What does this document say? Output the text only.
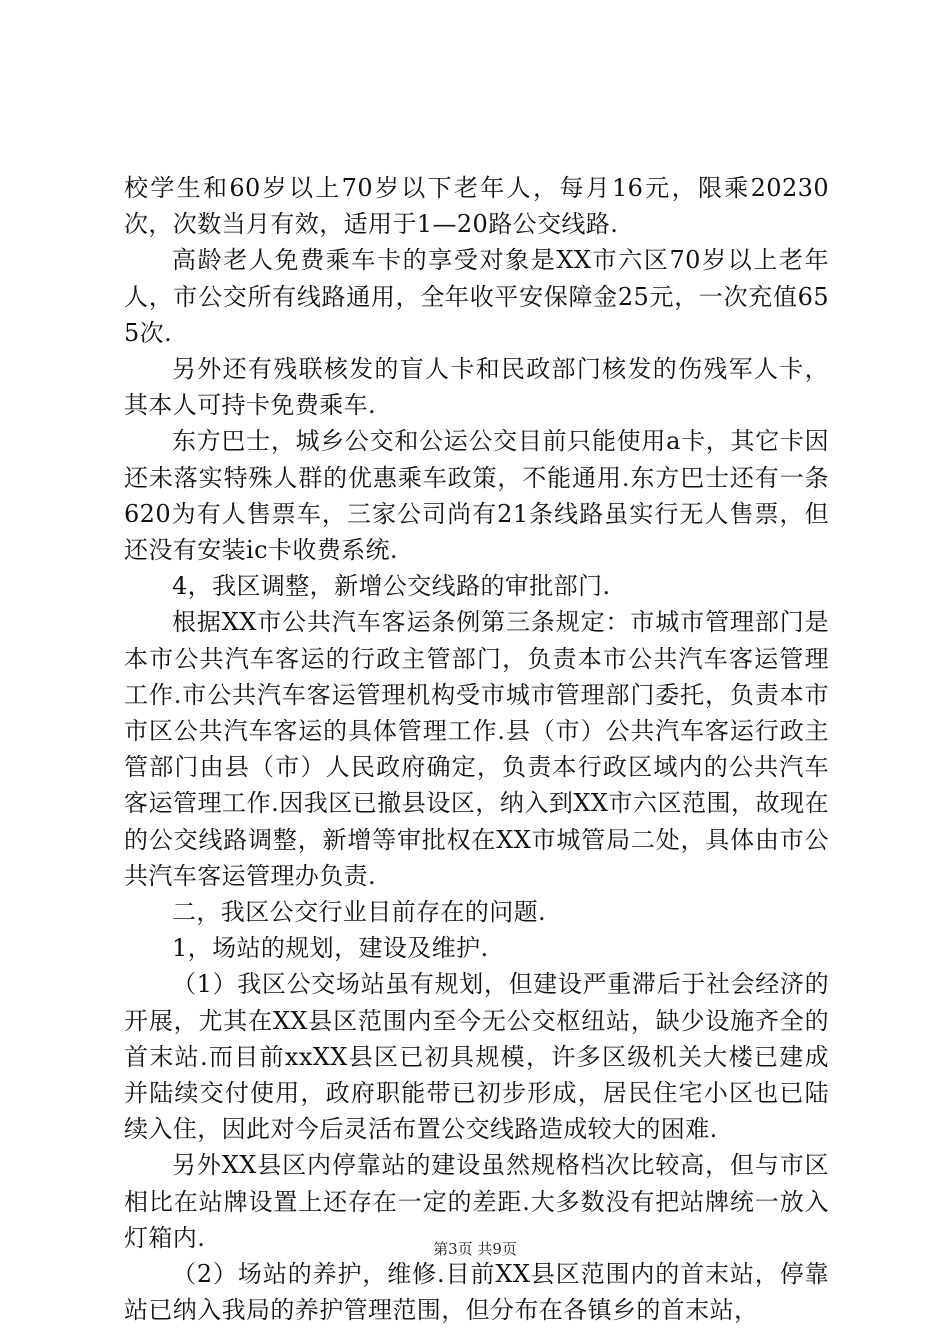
校学生和60岁以上70岁以下老年人，每月16元，限乘20230次，次数当月有效，适用于1—20路公交线路.

高龄老人免费乘车卡的享受对象是XX市六区70岁以上老年人，市公交所有线路通用，全年收平安保障金25元，一次充值655次.

另外还有残联核发的盲人卡和民政部门核发的伤残军人卡，其本人可持卡免费乘车.

东方巴士，城乡公交和公运公交目前只能使用a卡，其它卡因还未落实特殊人群的优惠乘车政策，不能通用.东方巴士还有一条620为有人售票车，三家公司尚有21条线路虽实行无人售票，但还没有安装ic卡收费系统.

4，我区调整，新增公交线路的审批部门.

根据XX市公共汽车客运条例第三条规定：市城市管理部门是本市公共汽车客运的行政主管部门，负责本市公共汽车客运管理工作.市公共汽车客运管理机构受市城市管理部门委托，负责本市市区公共汽车客运的具体管理工作.县（市）公共汽车客运行政主管部门由县（市）人民政府确定，负责本行政区域内的公共汽车客运管理工作.因我区已撤县设区，纳入到XX市六区范围，故现在的公交线路调整，新增等审批权在XX市城管局二处，具体由市公共汽车客运管理办负责.

二，我区公交行业目前存在的问题.

1，场站的规划，建设及维护.

（1）我区公交场站虽有规划，但建设严重滞后于社会经济的开展，尤其在XX县区范围内至今无公交枢纽站，缺少设施齐全的首末站.而目前xxXX县区已初具规模，许多区级机关大楼已建成并陆续交付使用，政府职能带已初步形成，居民住宅小区也已陆续入住，因此对今后灵活布置公交线路造成较大的困难.

另外XX县区内停靠站的建设虽然规格档次比较高，但与市区相比在站牌设置上还存在一定的差距.大多数没有把站牌统一放入灯箱内.

（2）场站的养护，维修.目前XX县区范围内的首末站，停靠站已纳入我局的养护管理范围，但分布在各镇乡的首末站，

第3页 共9页
